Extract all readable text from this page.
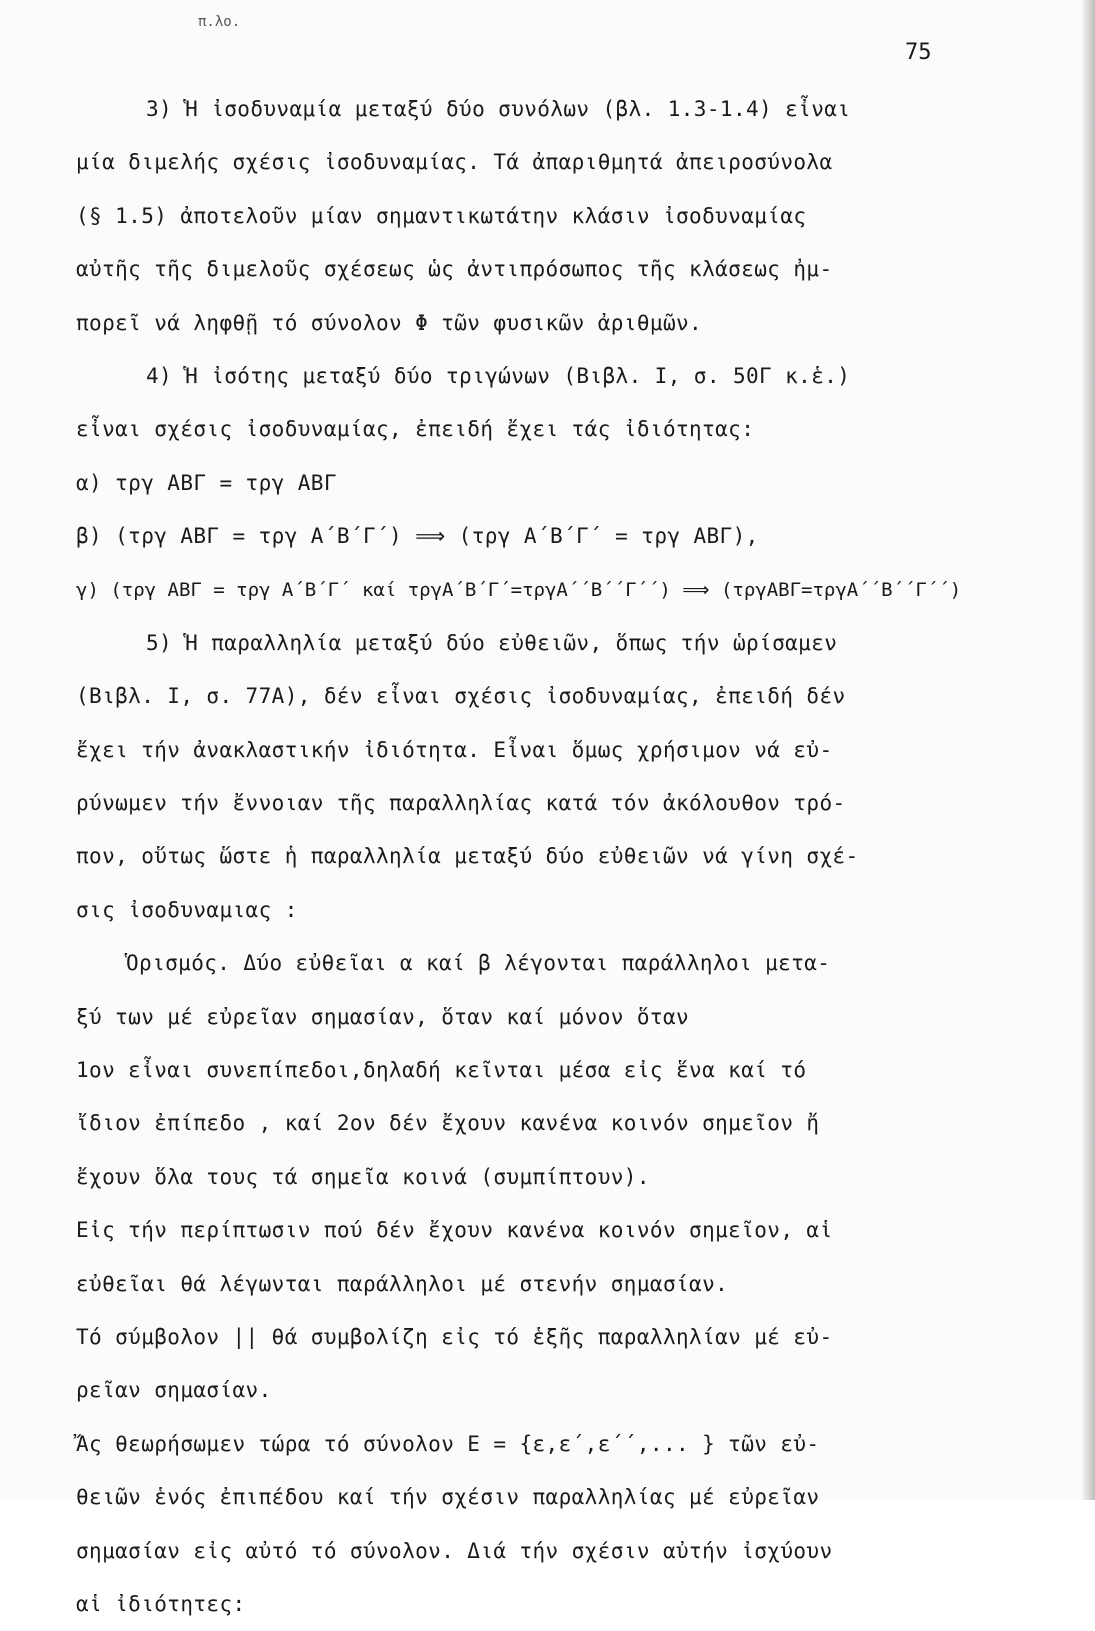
π.λο.
75
3) Ἡ ἰσοδυναμία μεταξύ δύο συνόλων (βλ. 1.3-1.4) εἶναι
μία διμελής σχέσις ἰσοδυναμίας. Τά ἀπαριθμητά ἀπειροσύνολα
(§ 1.5) ἀποτελοῦν μίαν σημαντικωτάτην κλάσιν ἰσοδυναμίας
αὐτῆς τῆς διμελοῦς σχέσεως ὡς ἀντιπρόσωπος τῆς κλάσεως ἠμ-
πορεῖ νά ληφθῇ τό σύνολον Φ τῶν φυσικῶν ἀριθμῶν.
4) Ἡ ἰσότης μεταξύ δύο τριγώνων (Βιβλ. Ι, σ. 50Γ κ.ἑ.)
εἶναι σχέσις ἰσοδυναμίας, ἐπειδή ἔχει τάς ἰδιότητας:
α) τργ ΑΒΓ = τργ ΑΒΓ
β) (τργ ΑΒΓ = τργ Α΄Β΄Γ΄) ⟹ (τργ Α΄Β΄Γ΄ = τργ ΑΒΓ),
γ) (τργ ΑΒΓ = τργ Α΄Β΄Γ΄ καί τργΑ΄Β΄Γ΄=τργΑ΄΄Β΄΄Γ΄΄) ⟹ (τργΑΒΓ=τργΑ΄΄Β΄΄Γ΄΄)
5) Ἡ παραλληλία μεταξύ δύο εὐθειῶν, ὅπως τήν ὡρίσαμεν
(Βιβλ. Ι, σ. 77Α), δέν εἶναι σχέσις ἰσοδυναμίας, ἐπειδή δέν
ἔχει τήν ἀνακλαστικήν ἰδιότητα. Εἶναι ὅμως χρήσιμον νά εὐ-
ρύνωμεν τήν ἔννοιαν τῆς παραλληλίας κατά τόν ἀκόλουθον τρό-
πον, οὕτως ὥστε ἡ παραλληλία μεταξύ δύο εὐθειῶν νά γίνη σχέ-
σις ἰσοδυναμιας :
Ὁρισμός. Δύο εὐθεῖαι α καί β λέγονται παράλληλοι μετα-
ξύ των μέ εὐρεῖαν σημασίαν, ὅταν καί μόνον ὅταν
1ον εἶναι συνεπίπεδοι,δηλαδή κεῖνται μέσα εἰς ἕνα καί τό
ἴδιον ἐπίπεδο , καί 2ον δέν ἔχουν κανένα κοινόν σημεῖον ἤ
ἔχουν ὅλα τους τά σημεῖα κοινά (συμπίπτουν).
Εἰς τήν περίπτωσιν πού δέν ἔχουν κανένα κοινόν σημεῖον, αἱ
εὐθεῖαι θά λέγωνται παράλληλοι μέ στενήν σημασίαν.
Τό σύμβολον || θά συμβολίζη εἰς τό ἑξῆς παραλληλίαν μέ εὐ-
ρεῖαν σημασίαν.
Ἄς θεωρήσωμεν τώρα τό σύνολον Ε = {ε,ε΄,ε΄΄,... } τῶν εὐ-
θειῶν ἑνός ἐπιπέδου καί τήν σχέσιν παραλληλίας μέ εὐρεῖαν
σημασίαν εἰς αὐτό τό σύνολον. Διά τήν σχέσιν αὐτήν ἰσχύουν
αἱ ἰδιότητες:
